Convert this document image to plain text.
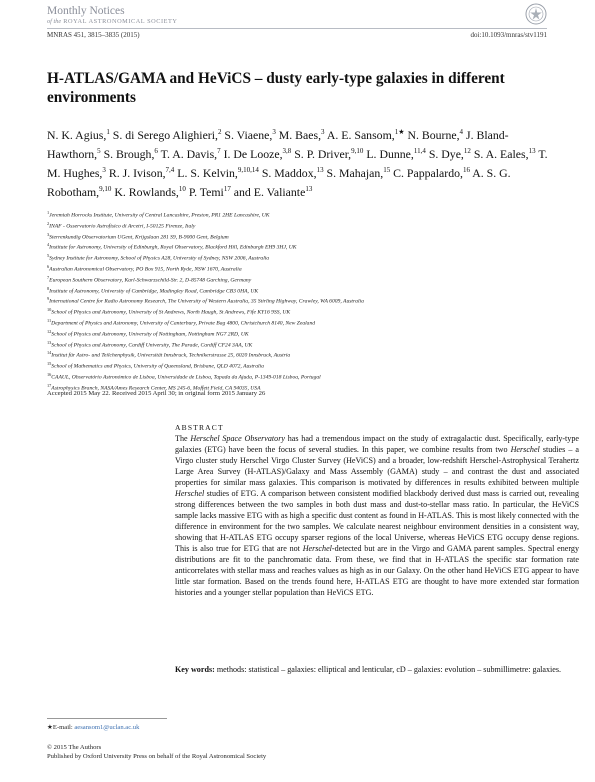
Monthly Notices
of the ROYAL ASTRONOMICAL SOCIETY
MNRAS 451, 3815–3835 (2015)	doi:10.1093/mnras/stv1191
H-ATLAS/GAMA and HeViCS – dusty early-type galaxies in different environments
N. K. Agius,$^1$ S. di Serego Alighieri,$^2$ S. Viaene,$^3$ M. Baes,$^3$ A. E. Sansom,$^{1★}$ N. Bourne,$^4$ J. Bland-Hawthorn,$^5$ S. Brough,$^6$ T. A. Davis,$^7$ I. De Looze,$^{3,8}$ S. P. Driver,$^{9,10}$ L. Dunne,$^{11,4}$ S. Dye,$^{12}$ S. A. Eales,$^{13}$ T. M. Hughes,$^3$ R. J. Ivison,$^{7,4}$ L. S. Kelvin,$^{9,10,14}$ S. Maddox,$^{13}$ S. Mahajan,$^{15}$ C. Pappalardo,$^{16}$ A. S. G. Robotham,$^{9,10}$ K. Rowlands,$^{10}$ P. Temi$^{17}$ and E. Valiante$^{13}$
$^1$Jeremiah Horrocks Institute, University of Central Lancashire, Preston, PR1 2HE Lancashire, UK
$^2$INAF - Osservatorio Astrofisico di Arcetri, I-50125 Firenze, Italy
$^3$Sterrenkundig Observatorium UGent, Krijgslaan 281 S9, B-9000 Gent, Belgium
$^4$Institute for Astronomy, University of Edinburgh, Royal Observatory, Blackford Hill, Edinburgh EH9 3HJ, UK
$^5$Sydney Institute for Astronomy, School of Physics A28, University of Sydney, NSW 2006, Australia
$^6$Australian Astronomical Observatory, PO Box 915, North Ryde, NSW 1670, Australia
$^7$European Southern Observatory, Karl-Schwarzschild-Str. 2, D-85748 Garching, Germany
$^8$Institute of Astronomy, University of Cambridge, Madingley Road, Cambridge CB3 0HA, UK
$^9$International Centre for Radio Astronomy Research, The University of Western Australia, 35 Stirling Highway, Crawley, WA 6009, Australia
$^{10}$School of Physics and Astronomy, University of St Andrews, North Haugh, St Andrews, Fife KY16 9SS, UK
$^{11}$Department of Physics and Astronomy, University of Canterbury, Private Bag 4800, Christchurch 8140, New Zealand
$^{12}$School of Physics and Astronomy, University of Nottingham, Nottingham NG7 2RD, UK
$^{13}$School of Physics and Astronomy, Cardiff University, The Parade, Cardiff CF24 3AA, UK
$^{14}$Institut für Astro- und Teilchenphysik, Universität Innsbruck, Technikerstrasse 25, 6020 Innsbruck, Austria
$^{15}$School of Mathematics and Physics, University of Queensland, Brisbane, QLD 4072, Australia
$^{16}$CAAUL, Observatório Astronómico de Lisboa, Universidade de Lisboa, Tapada da Ajuda, P-1349-018 Lisboa, Portugal
$^{17}$Astrophysics Branch, NASA/Ames Research Center, MS 245-6, Moffett Field, CA 94035, USA
Accepted 2015 May 22. Received 2015 April 30; in original form 2015 January 26
ABSTRACT

The Herschel Space Observatory has had a tremendous impact on the study of extragalactic dust. Specifically, early-type galaxies (ETG) have been the focus of several studies. In this paper, we combine results from two Herschel studies – a Virgo cluster study Herschel Virgo Cluster Survey (HeViCS) and a broader, low-redshift Herschel-Astrophysical Terahertz Large Area Survey (H-ATLAS)/Galaxy and Mass Assembly (GAMA) study – and contrast the dust and associated properties for similar mass galaxies. This comparison is motivated by differences in results exhibited between multiple Herschel studies of ETG. A comparison between consistent modified blackbody derived dust mass is carried out, revealing strong differences between the two samples in both dust mass and dust-to-stellar mass ratio. In particular, the HeViCS sample lacks massive ETG with as high a specific dust content as found in H-ATLAS. This is most likely connected with the difference in environment for the two samples. We calculate nearest neighbour environment densities in a consistent way, showing that H-ATLAS ETG occupy sparser regions of the local Universe, whereas HeViCS ETG occupy dense regions. This is also true for ETG that are not Herschel-detected but are in the Virgo and GAMA parent samples. Spectral energy distributions are fit to the panchromatic data. From these, we find that in H-ATLAS the specific star formation rate anticorrelates with stellar mass and reaches values as high as in our Galaxy. On the other hand HeViCS ETG appear to have little star formation. Based on the trends found here, H-ATLAS ETG are thought to have more extended star formation histories and a younger stellar population than HeViCS ETG.

Key words: methods: statistical – galaxies: elliptical and lenticular, cD – galaxies: evolution – submillimetre: galaxies.
★E-mail: aesansom1@uclan.ac.uk
© 2015 The Authors
Published by Oxford University Press on behalf of the Royal Astronomical Society
